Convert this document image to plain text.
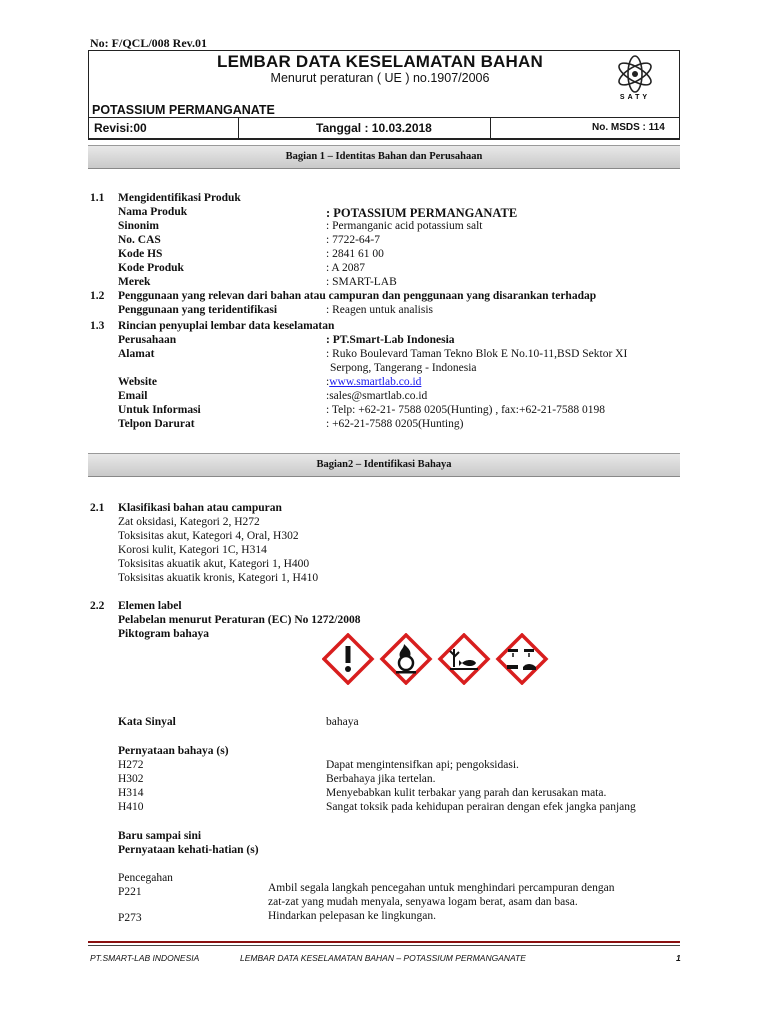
No: F/QCL/008 Rev.01
LEMBAR DATA KESELAMATAN BAHAN
Menurut peraturan ( UE ) no.1907/2006
SATY
POTASSIUM PERMANGANATE
Revisi:00	Tanggal : 10.03.2018	No. MSDS : 114
Bagian 1 – Identitas Bahan dan Perusahaan
1.1 Mengidentifikasi Produk
Nama Produk	: POTASSIUM PERMANGANATE
Sinonim	: Permanganic acid potassium salt
No. CAS	: 7722-64-7
Kode HS	: 2841 61 00
Kode Produk	: A 2087
Merek	: SMART-LAB
1.2 Penggunaan yang relevan dari bahan atau campuran dan penggunaan yang disarankan terhadap
Penggunaan yang teridentifikasi	: Reagen untuk analisis
1.3 Rincian penyuplai lembar data keselamatan
Perusahaan	: PT.Smart-Lab Indonesia
Alamat	: Ruko Boulevard Taman Tekno Blok E No.10-11,BSD Sektor XI
Serpong, Tangerang - Indonesia
Website	:www.smartlab.co.id
Email	:sales@smartlab.co.id
Untuk Informasi	: Telp: +62-21- 7588 0205(Hunting) , fax:+62-21-7588 0198
Telpon Darurat	: +62-21-7588 0205(Hunting)
Bagian2 – Identifikasi Bahaya
2.1 Klasifikasi bahan atau campuran
Zat oksidasi, Kategori 2, H272
Toksisitas akut, Kategori 4, Oral, H302
Korosi kulit, Kategori 1C, H314
Toksisitas akuatik akut, Kategori 1, H400
Toksisitas akuatik kronis, Kategori 1, H410
2.2 Elemen label
Pelabelan menurut Peraturan (EC) No 1272/2008
Piktogram bahaya
Kata Sinyal	bahaya
Pernyataan bahaya (s)
H272	Dapat mengintensifkan api; pengoksidasi.
H302	Berbahaya jika tertelan.
H314	Menyebabkan kulit terbakar yang parah dan kerusakan mata.
H410	Sangat toksik pada kehidupan perairan dengan efek jangka panjang
Baru sampai sini
Pernyataan kehati-hatian (s)
Pencegahan
P221	Ambil segala langkah pencegahan untuk menghindari percampuran dengan
zat-zat yang mudah menyala, senyawa logam berat, asam dan basa.
P273	Hindarkan pelepasan ke lingkungan.
PT.SMART-LAB INDONESIA	LEMBAR DATA KESELAMATAN BAHAN – POTASSIUM PERMANGANATE	1
